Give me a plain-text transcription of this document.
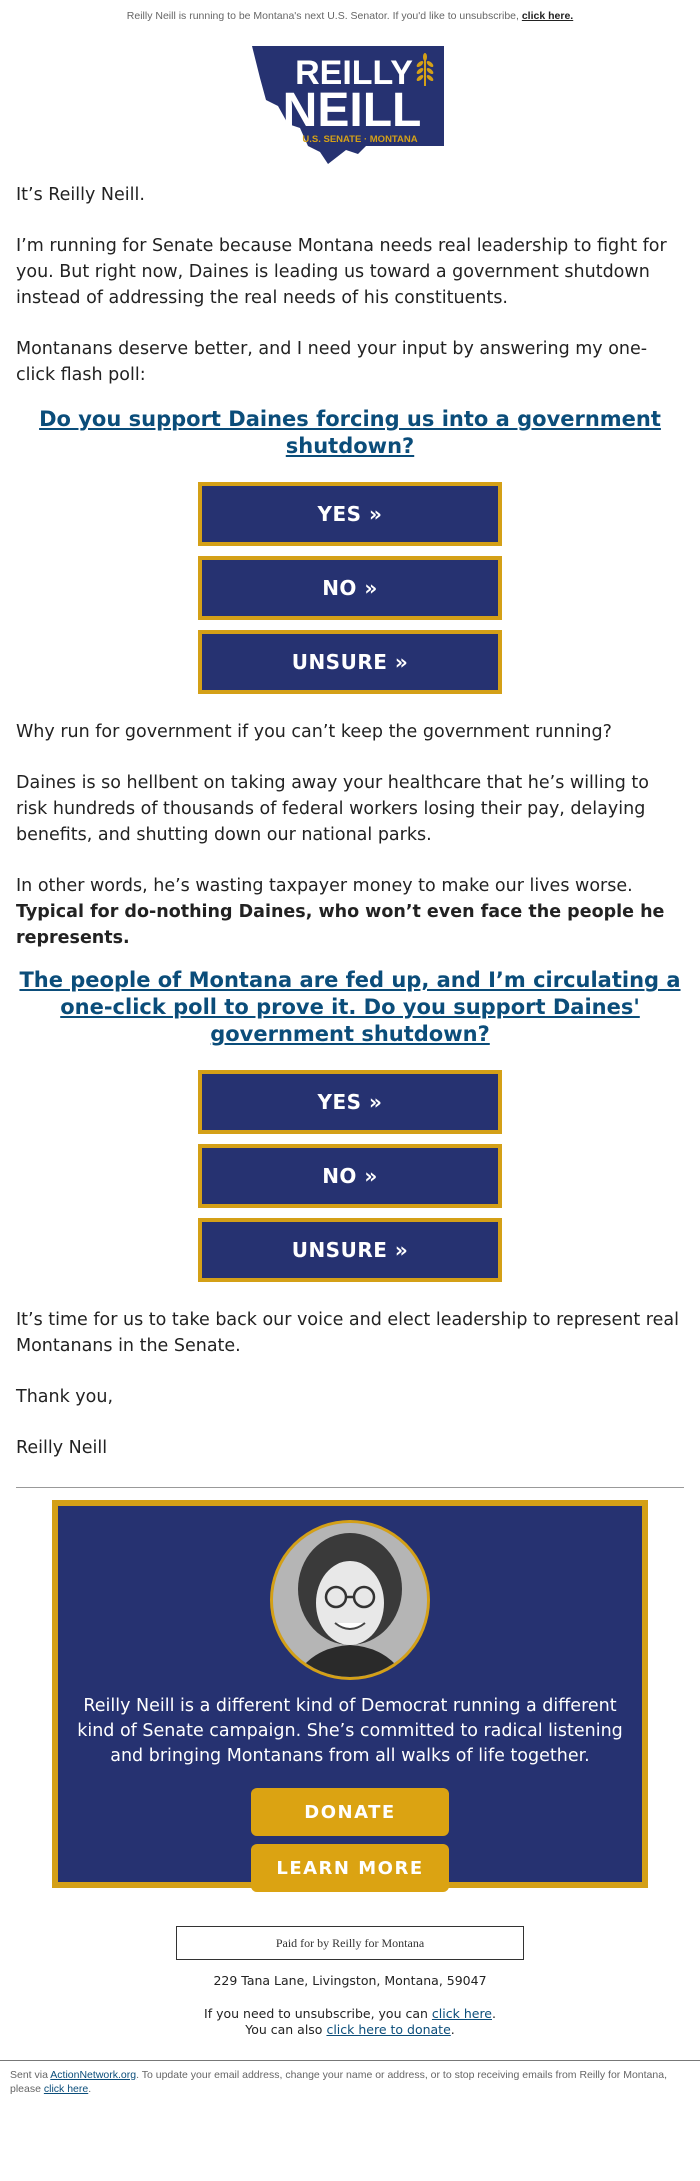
Reilly Neill is running to be Montana's next U.S. Senator. If you'd like to unsubscribe, click here.
REILLY
NEILL
U.S. SENATE · MONTANA

It’s Reilly Neill.

I’m running for Senate because Montana needs real leadership to fight for you. But right now, Daines is leading us toward a government shutdown instead of addressing the real needs of his constituents.

Montanans deserve better, and I need your input by answering my one-click flash poll:

Do you support Daines forcing us into a government shutdown?

YES »
NO »
UNSURE »

Why run for government if you can’t keep the government running?

Daines is so hellbent on taking away your healthcare that he’s willing to risk hundreds of thousands of federal workers losing their pay, delaying benefits, and shutting down our national parks.

In other words, he’s wasting taxpayer money to make our lives worse. Typical for do-nothing Daines, who won’t even face the people he represents.

The people of Montana are fed up, and I’m circulating a one-click poll to prove it. Do you support Daines' government shutdown?

YES »
NO »
UNSURE »

It’s time for us to take back our voice and elect leadership to represent real Montanans in the Senate.

Thank you,

Reilly Neill

Reilly Neill is a different kind of Democrat running a different kind of Senate campaign. She’s committed to radical listening and bringing Montanans from all walks of life together.
DONATE
LEARN MORE
Paid for by Reilly for Montana
229 Tana Lane, Livingston, Montana, 59047
If you need to unsubscribe, you can click here.
You can also click here to donate.
Sent via ActionNetwork.org. To update your email address, change your name or address, or to stop receiving emails from Reilly for Montana, please click here.
